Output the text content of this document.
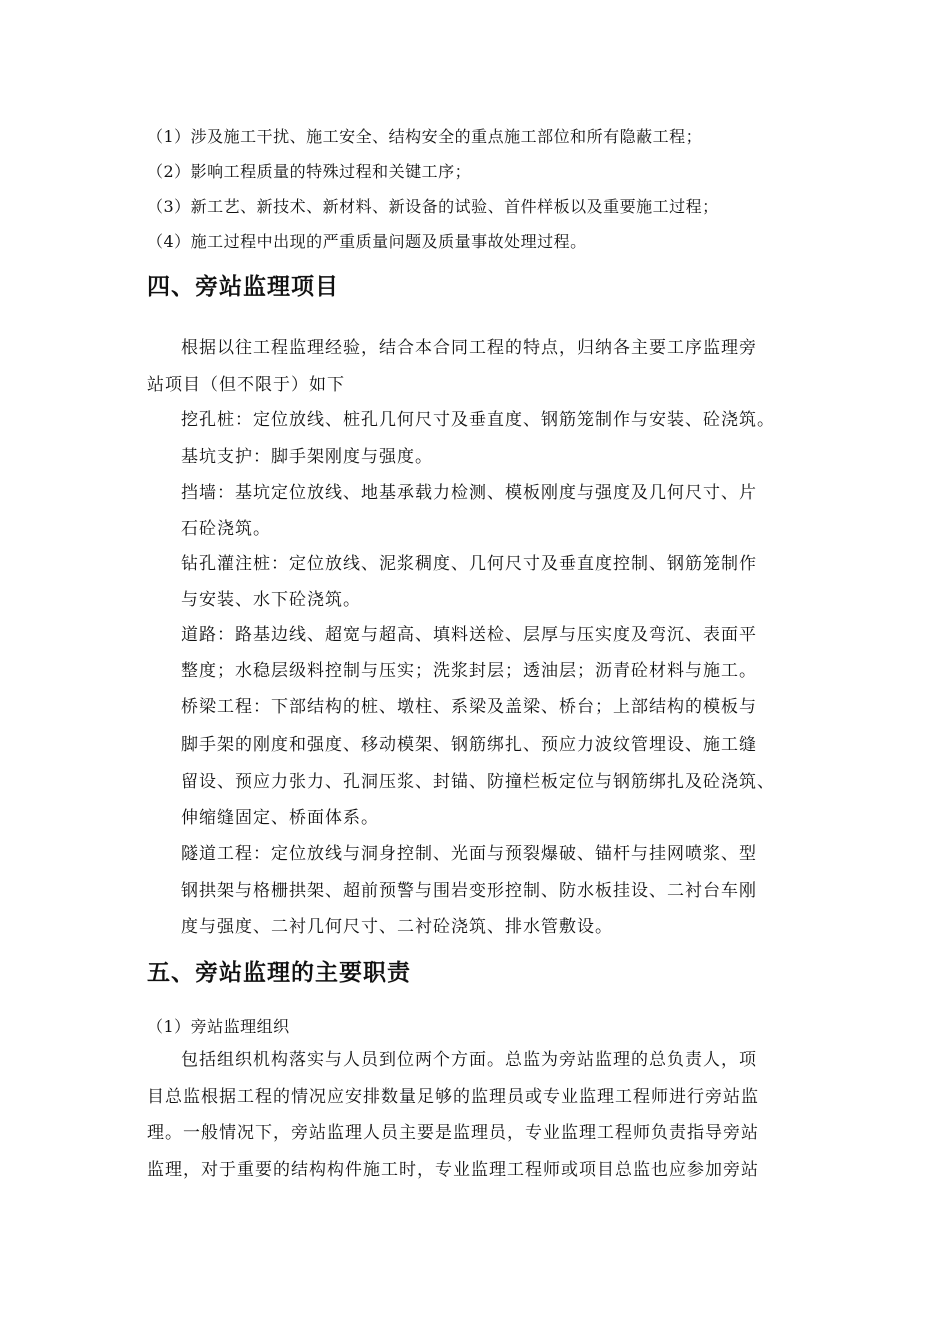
（1）涉及施工干扰、施工安全、结构安全的重点施工部位和所有隐蔽工程；

（2）影响工程质量的特殊过程和关键工序；

（3）新工艺、新技术、新材料、新设备的试验、首件样板以及重要施工过程；

（4）施工过程中出现的严重质量问题及质量事故处理过程。

四、旁站监理项目

根据以往工程监理经验，结合本合同工程的特点，归纳各主要工序监理旁

站项目（但不限于）如下

挖孔桩：定位放线、桩孔几何尺寸及垂直度、钢筋笼制作与安装、砼浇筑。

基坑支护：脚手架刚度与强度。

挡墙：基坑定位放线、地基承载力检测、模板刚度与强度及几何尺寸、片

石砼浇筑。

钻孔灌注桩：定位放线、泥浆稠度、几何尺寸及垂直度控制、钢筋笼制作

与安装、水下砼浇筑。

道路：路基边线、超宽与超高、填料送检、层厚与压实度及弯沉、表面平

整度；水稳层级料控制与压实；洗浆封层；透油层；沥青砼材料与施工。

桥梁工程：下部结构的桩、墩柱、系梁及盖梁、桥台；上部结构的模板与

脚手架的刚度和强度、移动模架、钢筋绑扎、预应力波纹管埋设、施工缝

留设、预应力张力、孔洞压浆、封锚、防撞栏板定位与钢筋绑扎及砼浇筑、

伸缩缝固定、桥面体系。

隧道工程：定位放线与洞身控制、光面与预裂爆破、锚杆与挂网喷浆、型

钢拱架与格栅拱架、超前预警与围岩变形控制、防水板挂设、二衬台车刚

度与强度、二衬几何尺寸、二衬砼浇筑、排水管敷设。

五、旁站监理的主要职责

（1）旁站监理组织

包括组织机构落实与人员到位两个方面。总监为旁站监理的总负责人，项

目总监根据工程的情况应安排数量足够的监理员或专业监理工程师进行旁站监

理。一般情况下，旁站监理人员主要是监理员，专业监理工程师负责指导旁站

监理，对于重要的结构构件施工时，专业监理工程师或项目总监也应参加旁站
